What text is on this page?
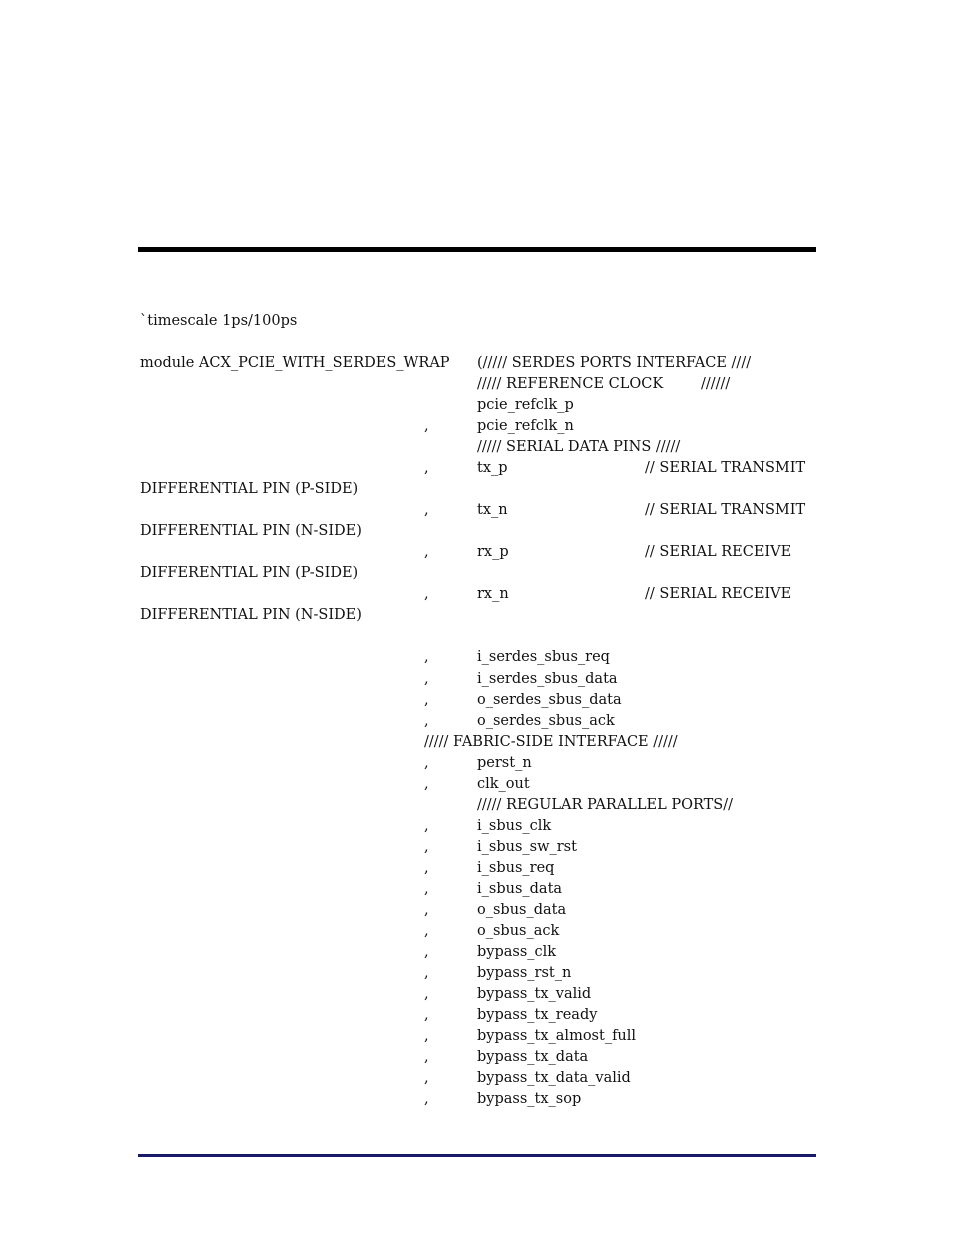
`timescale 1ps/100ps
module ACX_PCIE_WITH_SERDES_WRAP (///// SERDES PORTS INTERFACE ////
///// REFERENCE CLOCK	//////
pcie_refclk_p
,	pcie_refclk_n
///// SERIAL DATA PINS /////
,	tx_p	// SERIAL TRANSMIT
DIFFERENTIAL PIN (P-SIDE)
,	tx_n	// SERIAL TRANSMIT
DIFFERENTIAL PIN (N-SIDE)
,	rx_p	// SERIAL RECEIVE
DIFFERENTIAL PIN (P-SIDE)
,	rx_n	// SERIAL RECEIVE
DIFFERENTIAL PIN (N-SIDE)
,	i_serdes_sbus_req
,	i_serdes_sbus_data
,	o_serdes_sbus_data
,	o_serdes_sbus_ack
///// FABRIC-SIDE INTERFACE /////
,	perst_n
,	clk_out
///// REGULAR PARALLEL PORTS//
,	i_sbus_clk
,	i_sbus_sw_rst
,	i_sbus_req
,	i_sbus_data
,	o_sbus_data
,	o_sbus_ack
,	bypass_clk
,	bypass_rst_n
,	bypass_tx_valid
,	bypass_tx_ready
,	bypass_tx_almost_full
,	bypass_tx_data
,	bypass_tx_data_valid
,	bypass_tx_sop
